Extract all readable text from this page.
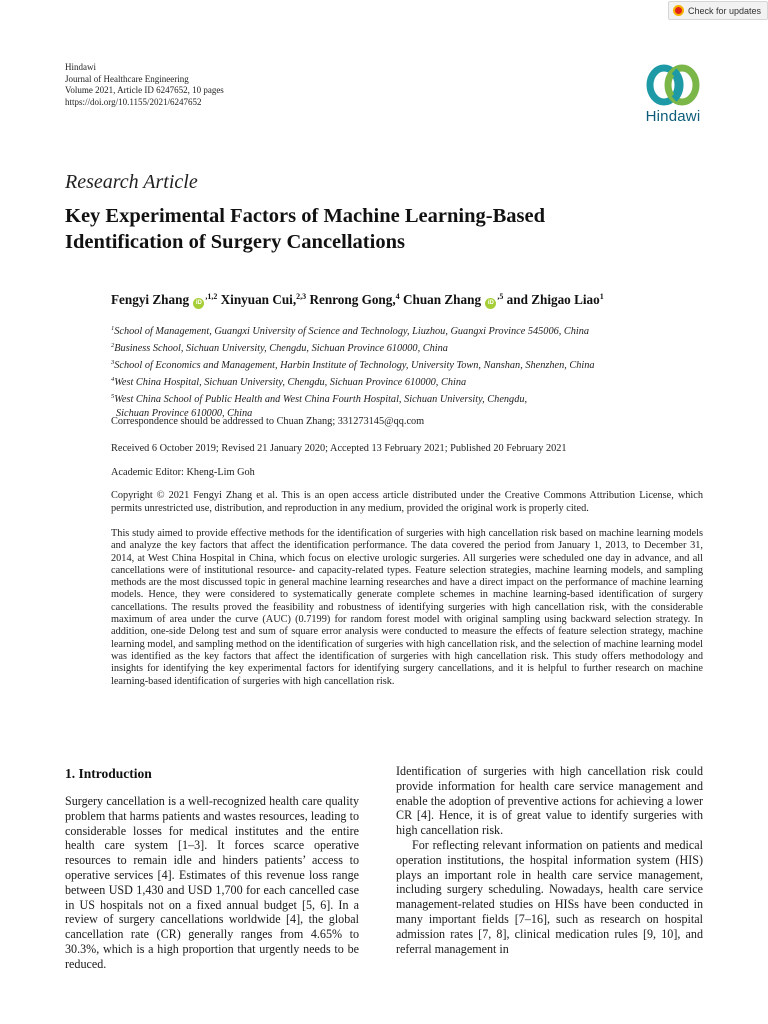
Check for updates
Hindawi
Journal of Healthcare Engineering
Volume 2021, Article ID 6247652, 10 pages
https://doi.org/10.1155/2021/6247652
Hindawi
Research Article
Key Experimental Factors of Machine Learning-Based
Identification of Surgery Cancellations
Fengyi Zhang $iD^{,1,2}$ Xinyuan Cui,$^{2,3}$ Renrong Gong,$^4$ Chuan Zhang $iD^{,5}$ and Zhigao Liao$^1$
$^1$School of Management, Guangxi University of Science and Technology, Liuzhou, Guangxi Province 545006, China
$^2$Business School, Sichuan University, Chengdu, Sichuan Province 610000, China
$^3$School of Economics and Management, Harbin Institute of Technology, University Town, Nanshan, Shenzhen, China
$^4$West China Hospital, Sichuan University, Chengdu, Sichuan Province 610000, China
$^5$West China School of Public Health and West China Fourth Hospital, Sichuan University, Chengdu,
Sichuan Province 610000, China
Correspondence should be addressed to Chuan Zhang; 331273145@qq.com
Received 6 October 2019; Revised 21 January 2020; Accepted 13 February 2021; Published 20 February 2021
Academic Editor: Kheng-Lim Goh

Copyright © 2021 Fengyi Zhang et al. This is an open access article distributed under the Creative Commons Attribution License, which permits unrestricted use, distribution, and reproduction in any medium, provided the original work is properly cited.

This study aimed to provide effective methods for the identification of surgeries with high cancellation risk based on machine learning models and analyze the key factors that affect the identification performance. The data covered the period from January 1, 2013, to December 31, 2014, at West China Hospital in China, which focus on elective urologic surgeries. All surgeries were scheduled one day in advance, and all cancellations were of institutional resource- and capacity-related types. Feature selection strategies, machine learning models, and sampling methods are the most discussed topic in general machine learning researches and have a direct impact on the performance of machine learning models. Hence, they were considered to systematically generate complete schemes in machine learning-based identification of surgery cancellations. The results proved the feasibility and robustness of identifying surgeries with high cancellation risk, with the considerable maximum of area under the curve (AUC) (0.7199) for random forest model with original sampling using backward selection strategy. In addition, one-side Delong test and sum of square error analysis were conducted to measure the effects of feature selection strategy, machine learning model, and sampling method on the identification of surgeries with high cancellation risk, and the selection of machine learning model was identified as the key factors that affect the identification of surgeries with high cancellation risk. This study offers methodology and insights for identifying the key experimental factors for identifying surgery cancellations, and it is helpful to further research on machine learning-based identification of surgeries with high cancellation risk.

1. Introduction

Surgery cancellation is a well-recognized health care quality problem that harms patients and wastes resources, leading to considerable losses for medical institutes and the entire health care system [1–3]. It forces scarce operative resources to remain idle and hinders patients’ access to operative services [4]. Estimates of this revenue loss range between USD 1,430 and USD 1,700 for each cancelled case in US hospitals not on a fixed annual budget [5, 6]. In a review of surgery cancellations worldwide [4], the global cancellation rate (CR) generally ranges from 4.65% to 30.3%, which is a high proportion that urgently needs to be reduced.

Identification of surgeries with high cancellation risk could provide information for health care service management and enable the adoption of preventive actions for achieving a lower CR [4]. Hence, it is of great value to identify surgeries with high cancellation risk.

For reflecting relevant information on patients and medical operation institutions, the hospital information system (HIS) plays an important role in health care service management, including surgery scheduling. Nowadays, health care service management-related studies on HISs have been conducted in many important fields [7–16], such as research on hospital admission rates [7, 8], clinical medication rules [9, 10], and referral management in
